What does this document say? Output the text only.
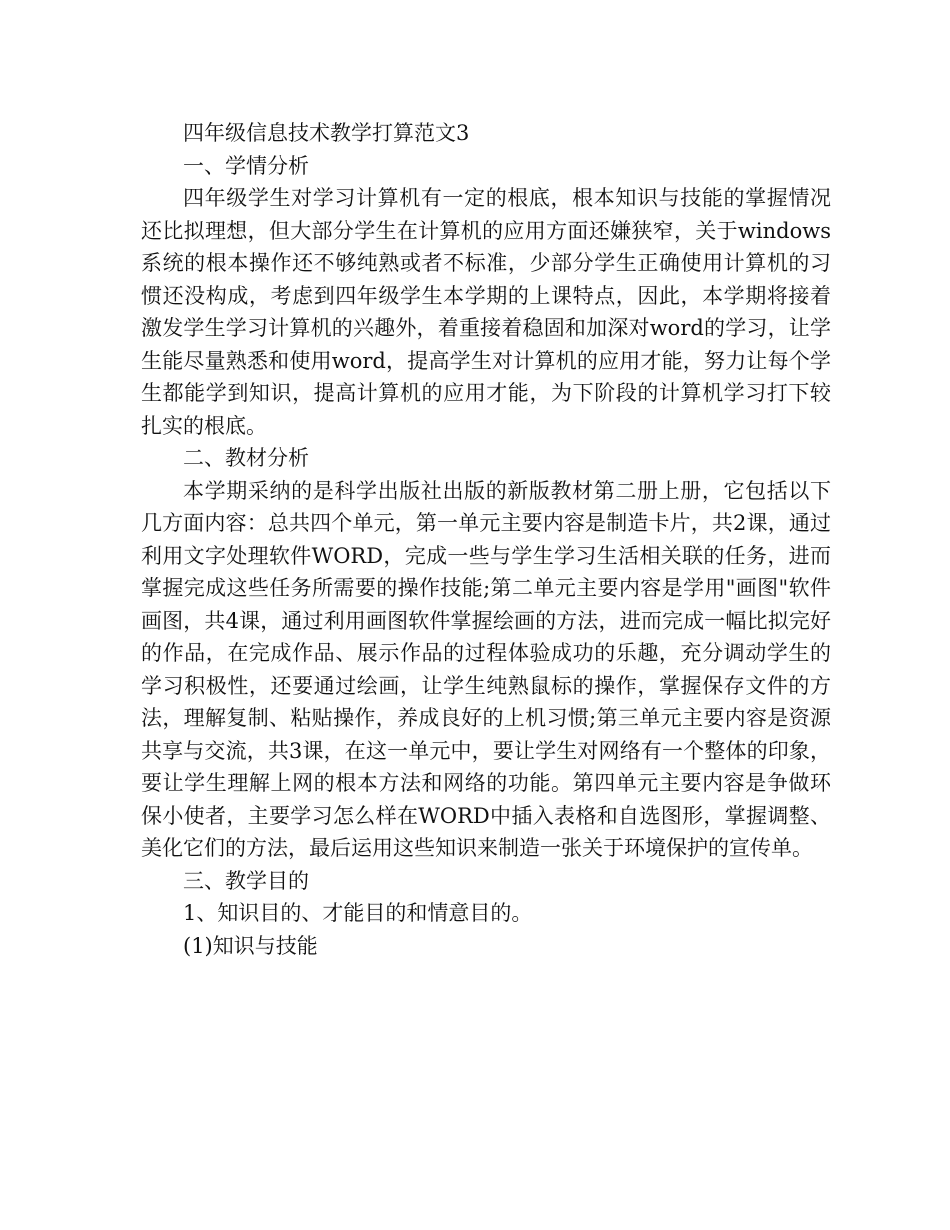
四年级信息技术教学打算范文3

一、学情分析

四年级学生对学习计算机有一定的根底，根本知识与技能的掌握情况还比拟理想，但大部分学生在计算机的应用方面还嫌狭窄，关于windows系统的根本操作还不够纯熟或者不标准，少部分学生正确使用计算机的习惯还没构成，考虑到四年级学生本学期的上课特点，因此，本学期将接着激发学生学习计算机的兴趣外，着重接着稳固和加深对word的学习，让学生能尽量熟悉和使用word，提高学生对计算机的应用才能，努力让每个学生都能学到知识，提高计算机的应用才能，为下阶段的计算机学习打下较扎实的根底。

二、教材分析

本学期采纳的是科学出版社出版的新版教材第二册上册，它包括以下几方面内容：总共四个单元，第一单元主要内容是制造卡片，共2课，通过利用文字处理软件WORD，完成一些与学生学习生活相关联的任务，进而掌握完成这些任务所需要的操作技能;第二单元主要内容是学用"画图"软件画图，共4课，通过利用画图软件掌握绘画的方法，进而完成一幅比拟完好的作品，在完成作品、展示作品的过程体验成功的乐趣，充分调动学生的学习积极性，还要通过绘画，让学生纯熟鼠标的操作，掌握保存文件的方法，理解复制、粘贴操作，养成良好的上机习惯;第三单元主要内容是资源共享与交流，共3课，在这一单元中，要让学生对网络有一个整体的印象，要让学生理解上网的根本方法和网络的功能。第四单元主要内容是争做环保小使者，主要学习怎么样在WORD中插入表格和自选图形，掌握调整、美化它们的方法，最后运用这些知识来制造一张关于环境保护的宣传单。

三、教学目的

1、知识目的、才能目的和情意目的。

(1)知识与技能
